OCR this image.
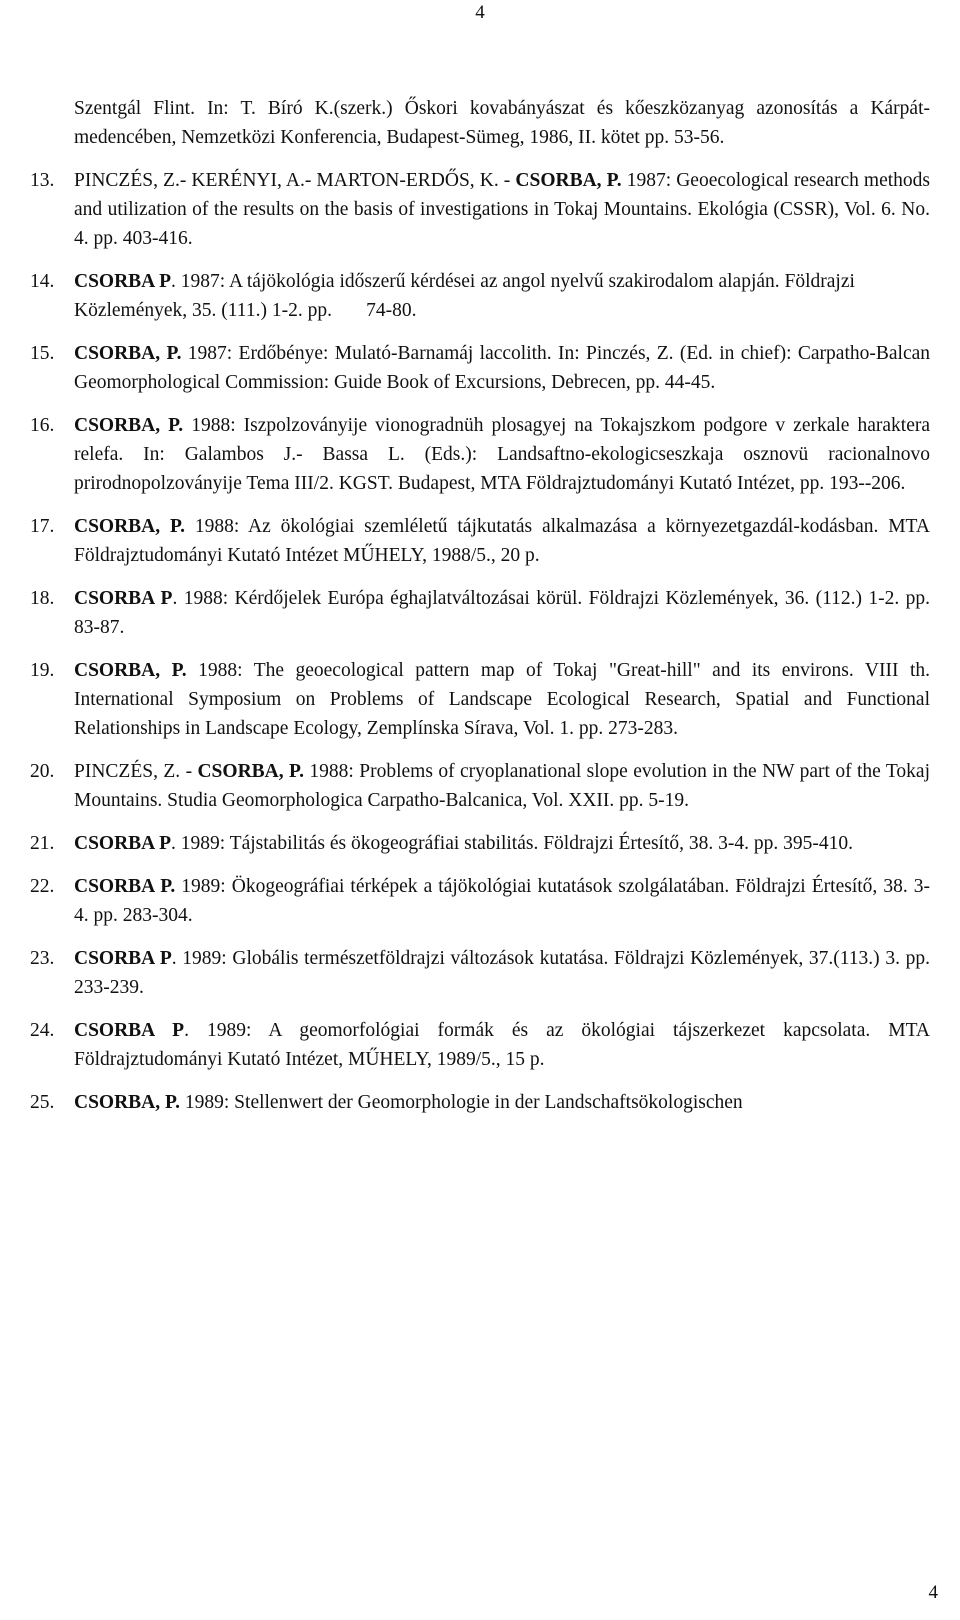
4

Szentgál Flint. In: T. Bíró K.(szerk.) Őskori kovabányászat és kőeszközanyag azonosítás a Kárpát-medencében, Nemzetközi Konferencia, Budapest-Sümeg, 1986, II. kötet pp. 53-56.

13.	PINCZÉS, Z.- KERÉNYI, A.- MARTON-ERDŐS, K. - CSORBA, P. 1987: Geoecological research methods and utilization of the results on the basis of investigations in Tokaj Mountains. Ekológia (CSSR), Vol. 6. No. 4. pp. 403-416.

14.	CSORBA P. 1987: A tájökológia időszerű kérdései az angol nyelvű szakirodalom alapján. Földrajzi Közlemények, 35. (111.) 1-2. pp.       74-80.

15.	CSORBA, P. 1987: Erdőbénye: Mulató-Barnamáj laccolith. In: Pinczés, Z. (Ed. in chief): Carpatho-Balcan Geomorphological Commission: Guide Book of Excursions, Debrecen, pp. 44-45.

16.	CSORBA, P. 1988: Iszpolzoványije vionogradnüh plosagyej na Tokajszkom podgore v zerkale haraktera relefa. In: Galambos J.- Bassa L. (Eds.): Landsaftno-ekologicseszkaja osznovü racionalnovo prirodnopolzoványije Tema III/2. KGST. Budapest, MTA Földrajztudományi Kutató Intézet, pp. 193--206.

17.	CSORBA, P. 1988: Az ökológiai szemléletű tájkutatás alkalmazása a környezetgazdál-kodásban. MTA Földrajztudományi Kutató Intézet MŰHELY, 1988/5., 20 p.

18.	CSORBA P. 1988: Kérdőjelek Európa éghajlatváltozásai körül. Földrajzi Közlemények, 36. (112.) 1-2. pp. 83-87.

19.	CSORBA, P. 1988: The geoecological pattern map of Tokaj "Great-hill" and its environs. VIII th. International Symposium on Problems of Landscape Ecological Research, Spatial and Functional Relationships in Landscape Ecology, Zemplínska Sírava, Vol. 1. pp. 273-283.

20.	PINCZÉS, Z. - CSORBA, P. 1988: Problems of cryoplanational slope evolution in the NW part of the Tokaj Mountains. Studia Geomorphologica Carpatho-Balcanica, Vol. XXII. pp. 5-19.

21.	CSORBA P. 1989: Tájstabilitás és ökogeográfiai stabilitás. Földrajzi Értesítő, 38. 3-4. pp. 395-410.

22.	CSORBA P. 1989: Ökogeográfiai térképek a tájökológiai kutatások szolgálatában. Földrajzi Értesítő, 38. 3-4. pp. 283-304.

23.	CSORBA P. 1989: Globális természetföldrajzi változások kutatása. Földrajzi Közlemények, 37.(113.) 3. pp. 233-239.

24.	CSORBA P. 1989: A geomorfológiai formák és az ökológiai tájszerkezet kapcsolata. MTA Földrajztudományi Kutató Intézet, MŰHELY, 1989/5., 15 p.

25.	CSORBA, P. 1989: Stellenwert der Geomorphologie in der Landschaftsökologischen

4
